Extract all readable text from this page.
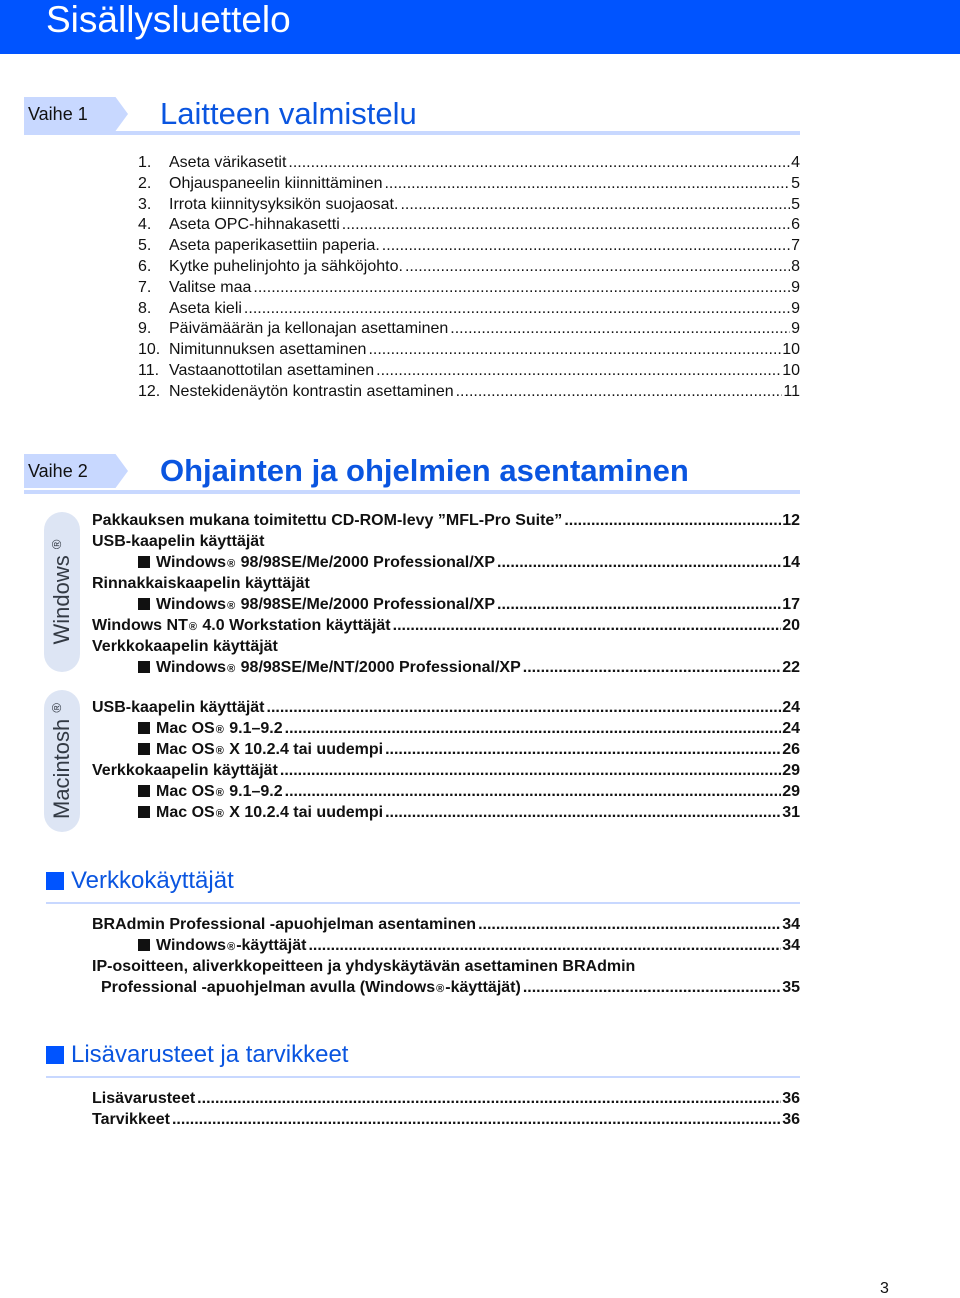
Sisällysluettelo
Vaihe 1 Laitteen valmistelu
1.	Aseta värikasetit .....	4
2.	Ohjauspaneelin kiinnittäminen .....	5
3.	Irrota kiinnitysyksikön suojaosat. .....	5
4.	Aseta OPC-hihnakasetti .....	6
5.	Aseta paperikasettiin paperia. .....	7
6.	Kytke puhelinjohto ja sähköjohto. .....	8
7.	Valitse maa .....	9
8.	Aseta kieli .....	9
9.	Päivämäärän ja kellonajan asettaminen .....	9
10. Nimitunnuksen asettaminen .....	10
11. Vastaanottotilan asettaminen .....	10
12. Nestekidenäytön kontrastin asettaminen .....	11
Vaihe 2 Ohjainten ja ohjelmien asentaminen
Windows ®
Macintosh ®
Pakkauksen mukana toimitettu CD-ROM-levy ”MFL-Pro Suite” .....	12
USB-kaapelin käyttäjät
Windows ®
98/98SE/Me/2000 Professional/XP .....	14
Rinnakkaiskaapelin käyttäjät
Windows ®
98/98SE/Me/2000 Professional/XP .....	17
Windows NT ®
4.0 Workstation käyttäjät .....	20
Verkkokaapelin käyttäjät
Windows ®
98/98SE/Me/NT/2000 Professional/XP .....	22
USB-kaapelin käyttäjät .....	24
Mac OS ®
9.1–9.2 .....	24
Mac OS ®
X 10.2.4 tai uudempi .....	26
Verkkokaapelin käyttäjät .....	29
Mac OS ®
9.1–9.2 .....	29
Mac OS ®
X 10.2.4 tai uudempi .....	31
Verkkokäyttäjät
BRAdmin Professional -apuohjelman asentaminen .....	34
Windows ® -käyttäjät .....	34
IP-osoitteen, aliverkkopeitteen ja yhdyskäytävän asettaminen BRAdmin
Professional -apuohjelman avulla (Windows ® -käyttäjät) .....	35
Lisävarusteet ja tarvikkeet
Lisävarusteet .....	36
Tarvikkeet .....	36
3
